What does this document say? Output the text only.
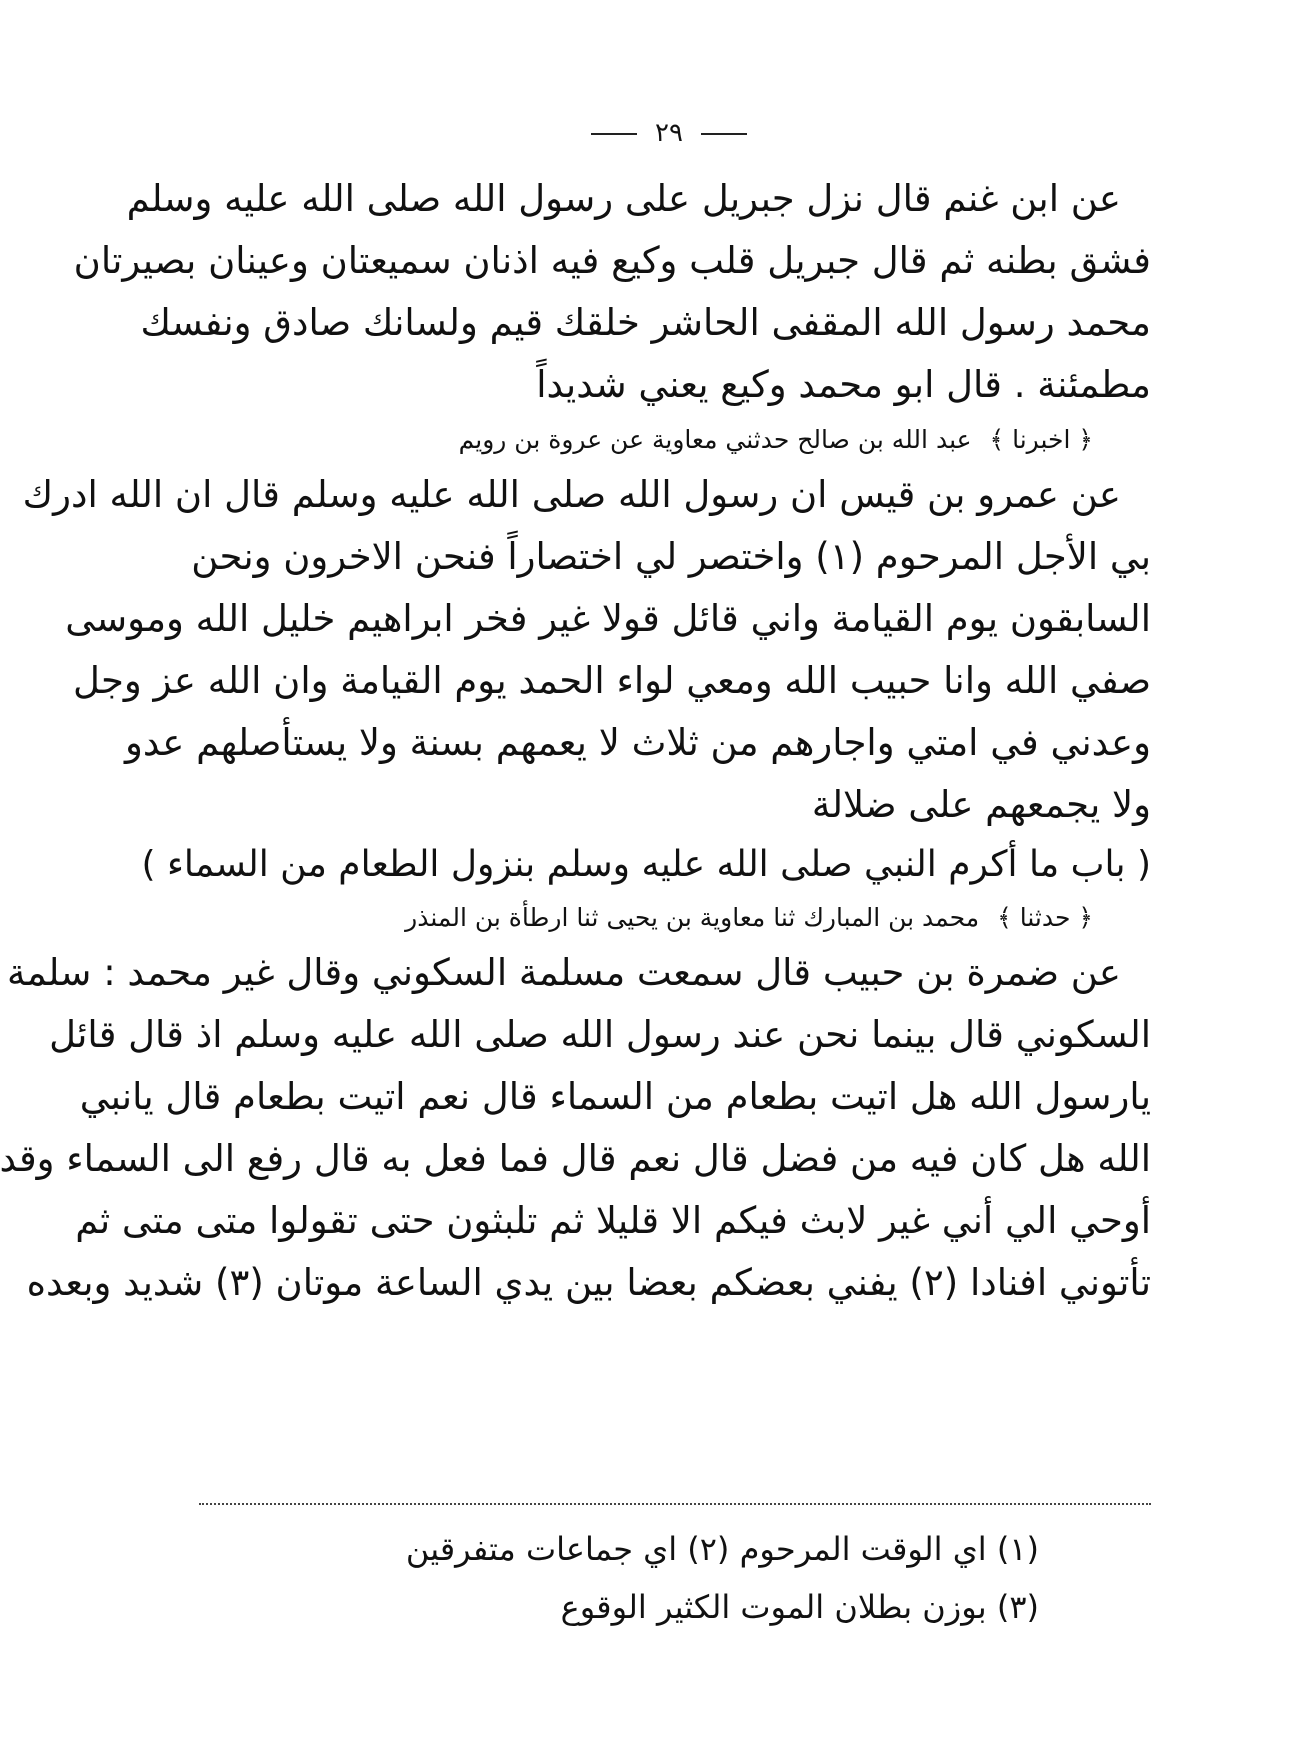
٢٩
عن ابن غنم قال نزل جبريل على رسول الله صلى الله عليه وسلم
فشق بطنه ثم قال جبريل قلب وكيع فيه اذنان سميعتان وعينان بصيرتان
محمد رسول الله المقفى الحاشر خلقك قيم ولسانك صادق ونفسك
مطمئنة . قال ابو محمد وكيع يعني شديداً
﴿ اخبرنا ﴾ عبد الله بن صالح حدثني معاوية عن عروة بن رويم
عن عمرو بن قيس ان رسول الله صلى الله عليه وسلم قال ان الله ادرك
بي الأجل المرحوم (١) واختصر لي اختصاراً فنحن الاخرون ونحن
السابقون يوم القيامة واني قائل قولا غير فخر ابراهيم خليل الله وموسى
صفي الله وانا حبيب الله ومعي لواء الحمد يوم القيامة وان الله عز وجل
وعدني في امتي واجارهم من ثلاث لا يعمهم بسنة ولا يستأصلهم عدو
ولا يجمعهم على ضلالة
( باب ما أكرم النبي صلى الله عليه وسلم بنزول الطعام من السماء )
﴿ حدثنا ﴾ محمد بن المبارك ثنا معاوية بن يحيى ثنا ارطأة بن المنذر
عن ضمرة بن حبيب قال سمعت مسلمة السكوني وقال غير محمد : سلمة
السكوني قال بينما نحن عند رسول الله صلى الله عليه وسلم اذ قال قائل
يارسول الله هل اتيت بطعام من السماء قال نعم اتيت بطعام قال يانبي
الله هل كان فيه من فضل قال نعم قال فما فعل به قال رفع الى السماء وقد
أوحي الي أني غير لابث فيكم الا قليلا ثم تلبثون حتى تقولوا متى متى ثم
تأتوني افنادا (٢) يفني بعضكم بعضا بين يدي الساعة موتان (٣) شديد وبعده
(١) اي الوقت المرحوم (٢) اي جماعات متفرقين
(٣) بوزن بطلان الموت الكثير الوقوع
